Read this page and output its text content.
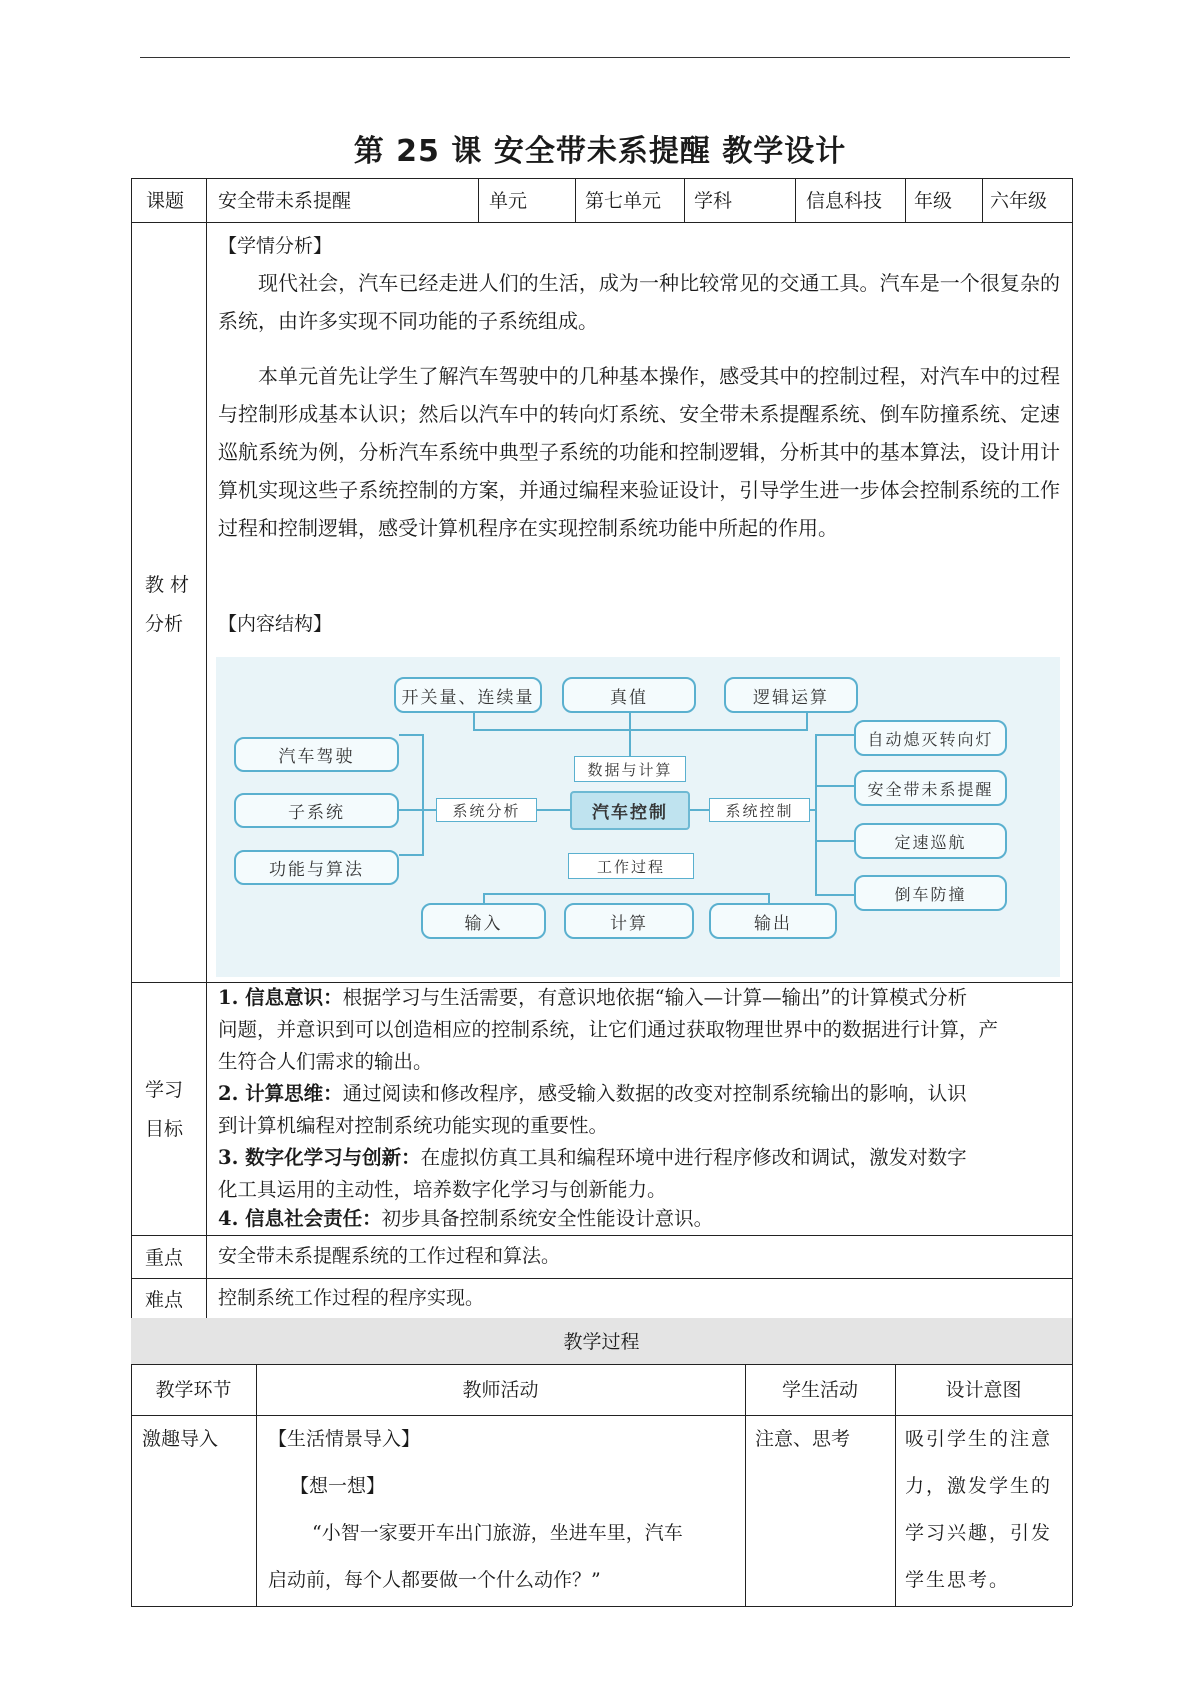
第 25 课 安全带未系提醒 教学设计
课题 安全带未系提醒	单元	第七单元 学科	信息科技 年级 六年级
教 材
分析
【学情分析】
现代社会，汽车已经走进人们的生活，成为一种比较常见的交通工具。汽车是一个很复杂的系统，由许多实现不同功能的子系统组成。
本单元首先让学生了解汽车驾驶中的几种基本操作，感受其中的控制过程，对汽车中的过程与控制形成基本认识；然后以汽车中的转向灯系统、安全带未系提醒系统、倒车防撞系统、定速巡航系统为例，分析汽车系统中典型子系统的功能和控制逻辑，分析其中的基本算法，设计用计算机实现这些子系统控制的方案，并通过编程来验证设计，引导学生进一步体会控制系统的工作过程和控制逻辑，感受计算机程序在实现控制系统功能中所起的作用。
【内容结构】
开关量、连续量	真值	逻辑运算
数据与计算
汽车驾驶
子系统
功能与算法
系统分析	汽车控制	系统控制
自动熄灭转向灯
安全带未系提醒
定速巡航
倒车防撞
工作过程
输入	计算	输出
学习
目标
1. 信息意识：根据学习与生活需要，有意识地依据“输入—计算—输出”的计算模式分析
问题，并意识到可以创造相应的控制系统，让它们通过获取物理世界中的数据进行计算，产
生符合人们需求的输出。
2. 计算思维：通过阅读和修改程序，感受输入数据的改变对控制系统输出的影响，认识
到计算机编程对控制系统功能实现的重要性。
3. 数字化学习与创新：在虚拟仿真工具和编程环境中进行程序修改和调试，激发对数字
化工具运用的主动性，培养数字化学习与创新能力。
4. 信息社会责任：初步具备控制系统安全性能设计意识。
重点 安全带未系提醒系统的工作过程和算法。
难点 控制系统工作过程的程序实现。
教学过程
教学环节	教师活动	学生活动	设计意图
激趣导入	【生活情景导入】
【想一想】
“小智一家要开车出门旅游，坐进车里，汽车
启动前，每个人都要做一个什么动作？”
注意、思考	吸引学生的注意
力，激发学生的
学习兴趣，引发
学生思考。
